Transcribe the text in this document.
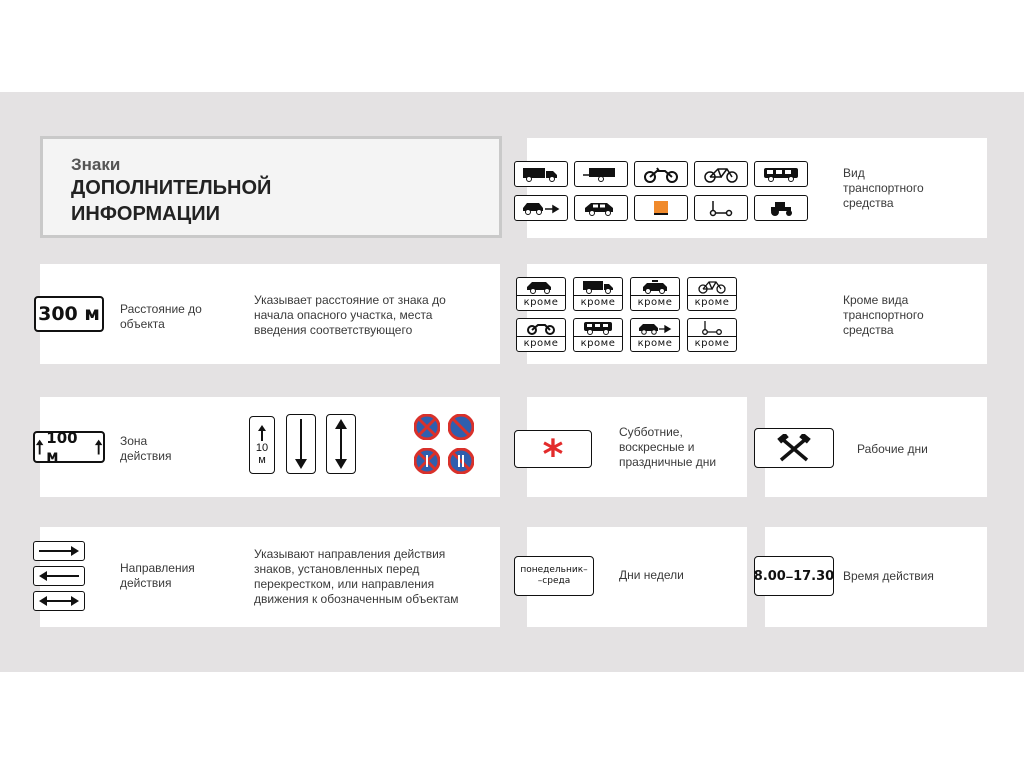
Знаки
ДОПОЛНИТЕЛЬНОЙ
ИНФОРМАЦИИ
Вид
транспортного
средства
300 м Расстояние до
объекта
Указывает расстояние от знака до
начала опасного участка, места
введения соответствующего
кроме	кроме	кроме	кроме
кроме	кроме	кроме	кроме
Кроме вида
транспортного
средства
100 м
Зона
действия
10
м	*	Субботние,
воскресные и
праздничные дни
Рабочие дни
Направления
действия
Указывают направления действия
знаков, установленных перед
перекрестком, или направления
движения к обозначенным объектам
понедельник–
–среда	Дни недели	8.00 – 17.30 Время действия
